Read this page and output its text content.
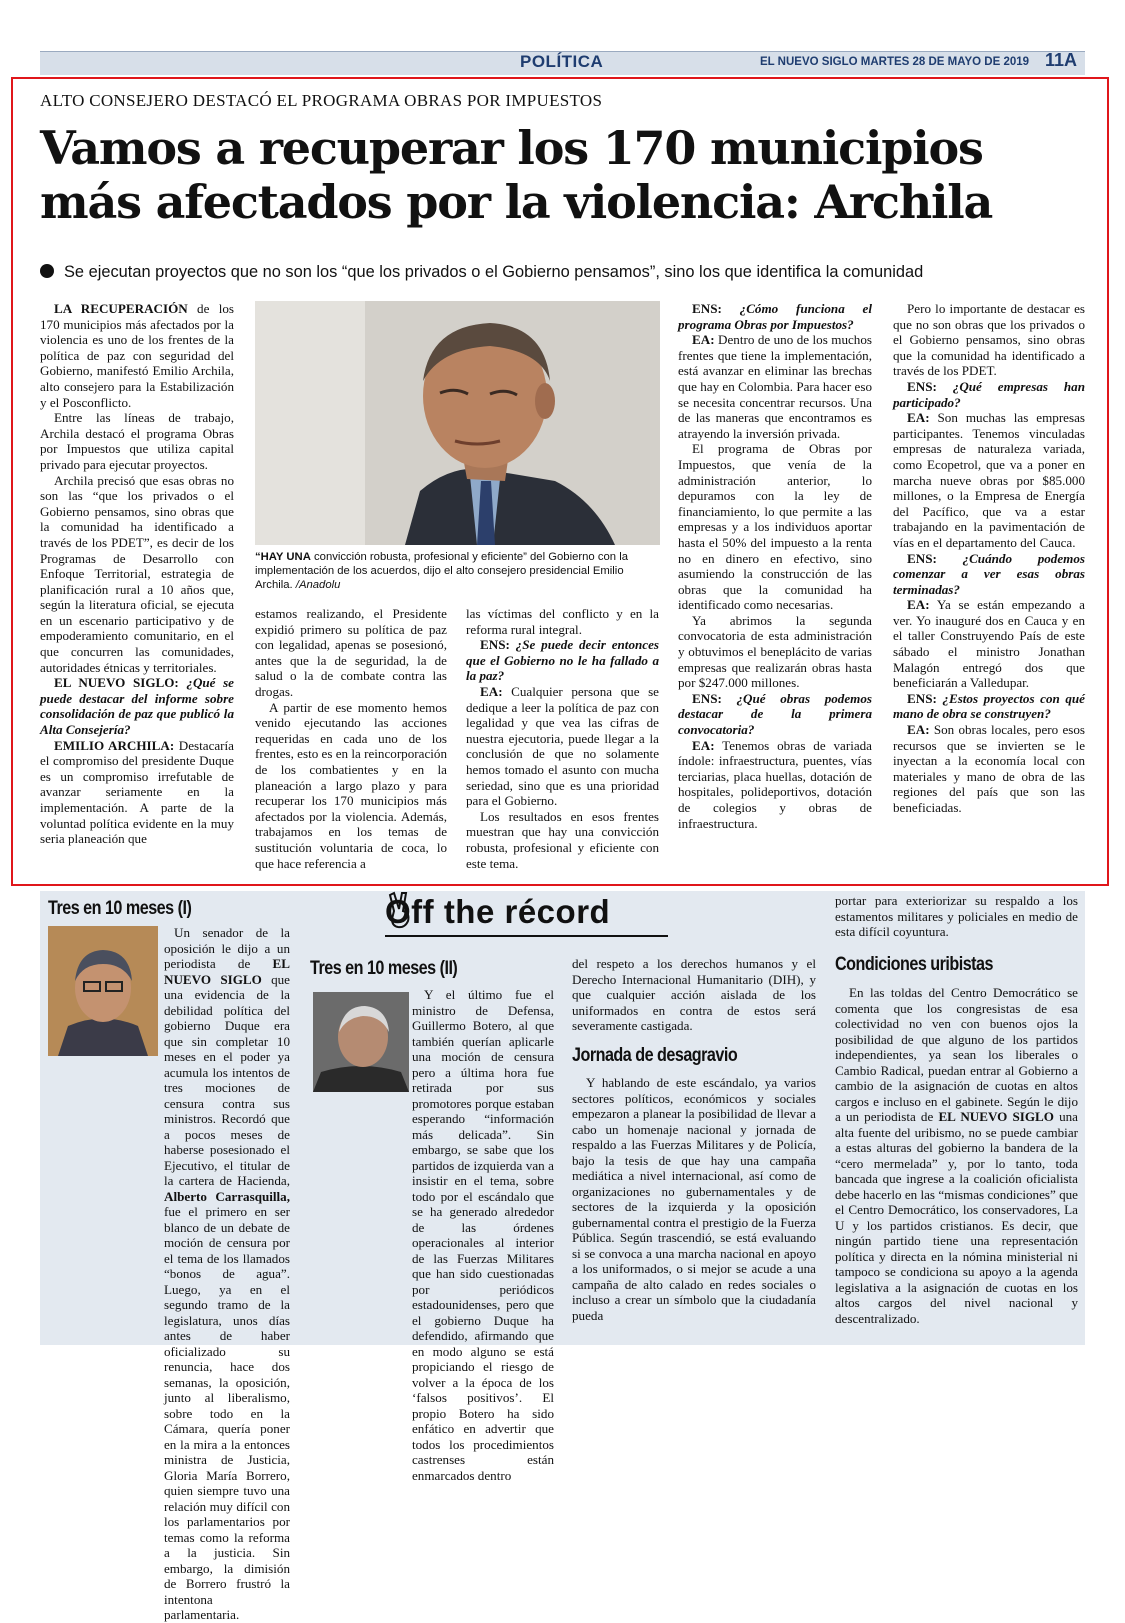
POLÍTICA	EL NUEVO SIGLO MARTES 28 DE MAYO DE 2019 11A
ALTO CONSEJERO DESTACÓ EL PROGRAMA OBRAS POR IMPUESTOS
Vamos a recuperar los 170 municipios
más afectados por la violencia: Archila
Se ejecutan proyectos que no son los “que los privados o el Gobierno pensamos”, sino los que identifica la comunidad

LA RECUPERACIÓN de los 170 municipios más afectados por la violencia es uno de los frentes de la política de paz con seguridad del Gobierno, manifestó Emilio Archila, alto consejero para la Estabilización y el Posconflicto.

Entre las líneas de trabajo, Archila destacó el programa Obras por Impuestos que utiliza capital privado para ejecutar proyectos.

Archila precisó que esas obras no son las “que los privados o el Gobierno pensamos, sino obras que la comunidad ha identificado a través de los PDET”, es decir de los Programas de Desarrollo con Enfoque Territorial, estrategia de planificación rural a 10 años que, según la literatura oficial, se ejecuta en un escenario participativo y de empoderamiento comunitario, en el que concurren las comunidades, autoridades étnicas y territoriales.

EL NUEVO SIGLO: ¿Qué se puede destacar del informe sobre consolidación de paz que publicó la Alta Consejería?

EMILIO ARCHILA: Destacaría el compromiso del presidente Duque es un compromiso irrefutable de avanzar seriamente en la implementación. A parte de la voluntad política evidente en la muy seria planeación que

“HAY UNA convicción robusta, profesional y eficiente” del Gobierno con la implementación de los acuerdos, dijo el alto consejero presidencial Emilio Archila. /Anadolu

estamos realizando, el Presidente expidió primero su política de paz con legalidad, apenas se posesionó, antes que la de seguridad, la de salud o la de combate contra las drogas.

A partir de ese momento hemos venido ejecutando las acciones requeridas en cada uno de los frentes, esto es en la reincorporación de los combatientes y en la planeación a largo plazo y para recuperar los 170 municipios más afectados por la violencia. Además, trabajamos en los temas de sustitución voluntaria de coca, lo que hace referencia a

las víctimas del conflicto y en la reforma rural integral.

ENS: ¿Se puede decir entonces que el Gobierno no le ha fallado a la paz?

EA: Cualquier persona que se dedique a leer la política de paz con legalidad y que vea las cifras de nuestra ejecutoria, puede llegar a la conclusión de que no solamente hemos tomado el asunto con mucha seriedad, sino que es una prioridad para el Gobierno.

Los resultados en esos frentes muestran que hay una convicción robusta, profesional y eficiente con este tema.

ENS: ¿Cómo funciona el programa Obras por Impuestos?

EA: Dentro de uno de los muchos frentes que tiene la implementación, está avanzar en eliminar las brechas que hay en Colombia. Para hacer eso se necesita concentrar recursos. Una de las maneras que encontramos es atrayendo la inversión privada.

El programa de Obras por Impuestos, que venía de la administración anterior, lo depuramos con la ley de financiamiento, lo que permite a las empresas y a los individuos aportar hasta el 50% del impuesto a la renta no en dinero en efectivo, sino asumiendo la construcción de las obras que la comunidad ha identificado como necesarias.

Ya abrimos la segunda convocatoria de esta administración y obtuvimos el beneplácito de varias empresas que realizarán obras hasta por $247.000 millones.

ENS: ¿Qué obras podemos destacar de la primera convocatoria?

EA: Tenemos obras de variada índole: infraestructura, puentes, vías terciarias, placa huellas, dotación de hospitales, polideportivos, dotación de colegios y obras de infraestructura.

Pero lo importante de destacar es que no son obras que los privados o el Gobierno pensamos, sino obras que la comunidad ha identificado a través de los PDET.

ENS: ¿Qué empresas han participado?

EA: Son muchas las empresas participantes. Tenemos vinculadas empresas de naturaleza variada, como Ecopetrol, que va a poner en marcha nueve obras por $85.000 millones, o la Empresa de Energía del Pacífico, que va a estar trabajando en la pavimentación de vías en el departamento del Cauca.

ENS: ¿Cuándo podemos comenzar a ver esas obras terminadas?

EA: Ya se están empezando a ver. Yo inauguré dos en Cauca y en el taller Construyendo País de este sábado el ministro Jonathan Malagón entregó dos que beneficiarán a Valledupar.

ENS: ¿Estos proyectos con qué mano de obra se construyen?

EA: Son obras locales, pero esos recursos que se invierten se le inyectan a la economía local con materiales y mano de obra de las regiones del país que son las beneficiadas.

Off the récord
Tres en 10 meses (I)

Un senador de la oposición le dijo a un periodista de EL NUEVO SIGLO que una evidencia de la debilidad política del gobierno Duque era que sin completar 10 meses en el poder ya acumula los intentos de tres mociones de censura contra sus ministros. Recordó que a pocos meses de haberse posesionado el Ejecutivo, el titular de la cartera de Hacienda, Alberto Carrasquilla, fue el primero en ser blanco de un debate de moción de censura por el tema de los llamados “bonos de agua”. Luego, ya en el segundo tramo de la legislatura, unos días antes de haber oficializado su renuncia, hace dos semanas, la oposición, junto al liberalismo, sobre todo en la Cámara, quería poner en la mira a la entonces ministra de Justicia, Gloria María Borrero, quien siempre tuvo una relación muy difícil con los parlamentarios por temas como la reforma a la justicia. Sin embargo, la dimisión de Borrero frustró la intentona parlamentaria.

Tres en 10 meses (II)

Y el último fue el ministro de Defensa, Guillermo Botero, al que también querían aplicarle una moción de censura pero a última hora fue retirada por sus promotores porque estaban esperando “información más delicada”. Sin embargo, se sabe que los partidos de izquierda van a insistir en el tema, sobre todo por el escándalo que se ha generado alrededor de las órdenes operacionales al interior de las Fuerzas Militares que han sido cuestionadas por periódicos estadounidenses, pero que el gobierno Duque ha defendido, afirmando que en modo alguno se está propiciando el riesgo de volver a la época de los ‘falsos positivos’. El propio Botero ha sido enfático en advertir que todos los procedimientos castrenses están enmarcados dentro

del respeto a los derechos humanos y el Derecho Internacional Humanitario (DIH), y que cualquier acción aislada de los uniformados en contra de estos será severamente castigada.

Jornada de desagravio

Y hablando de este escándalo, ya varios sectores políticos, económicos y sociales empezaron a planear la posibilidad de llevar a cabo un homenaje nacional y jornada de respaldo a las Fuerzas Militares y de Policía, bajo la tesis de que hay una campaña mediática a nivel internacional, así como de organizaciones no gubernamentales y de sectores de la izquierda y la oposición gubernamental contra el prestigio de la Fuerza Pública. Según trascendió, se está evaluando si se convoca a una marcha nacional en apoyo a los uniformados, o si mejor se acude a una campaña de alto calado en redes sociales o incluso a crear un símbolo que la ciudadanía pueda

portar para exteriorizar su respaldo a los estamentos militares y policiales en medio de esta difícil coyuntura.

Condiciones uribistas

En las toldas del Centro Democrático se comenta que los congresistas de esa colectividad no ven con buenos ojos la posibilidad de que alguno de los partidos independientes, ya sean los liberales o Cambio Radical, puedan entrar al Gobierno a cambio de la asignación de cuotas en altos cargos e incluso en el gabinete. Según le dijo a un periodista de EL NUEVO SIGLO una alta fuente del uribismo, no se puede cambiar a estas alturas del gobierno la bandera de la “cero mermelada” y, por lo tanto, toda bancada que ingrese a la coalición oficialista debe hacerlo en las “mismas condiciones” que el Centro Democrático, los conservadores, La U y los partidos cristianos. Es decir, que ningún partido tiene una representación política y directa en la nómina ministerial ni tampoco se condiciona su apoyo a la agenda legislativa a la asignación de cuotas en los altos cargos del nivel nacional y descentralizado.
